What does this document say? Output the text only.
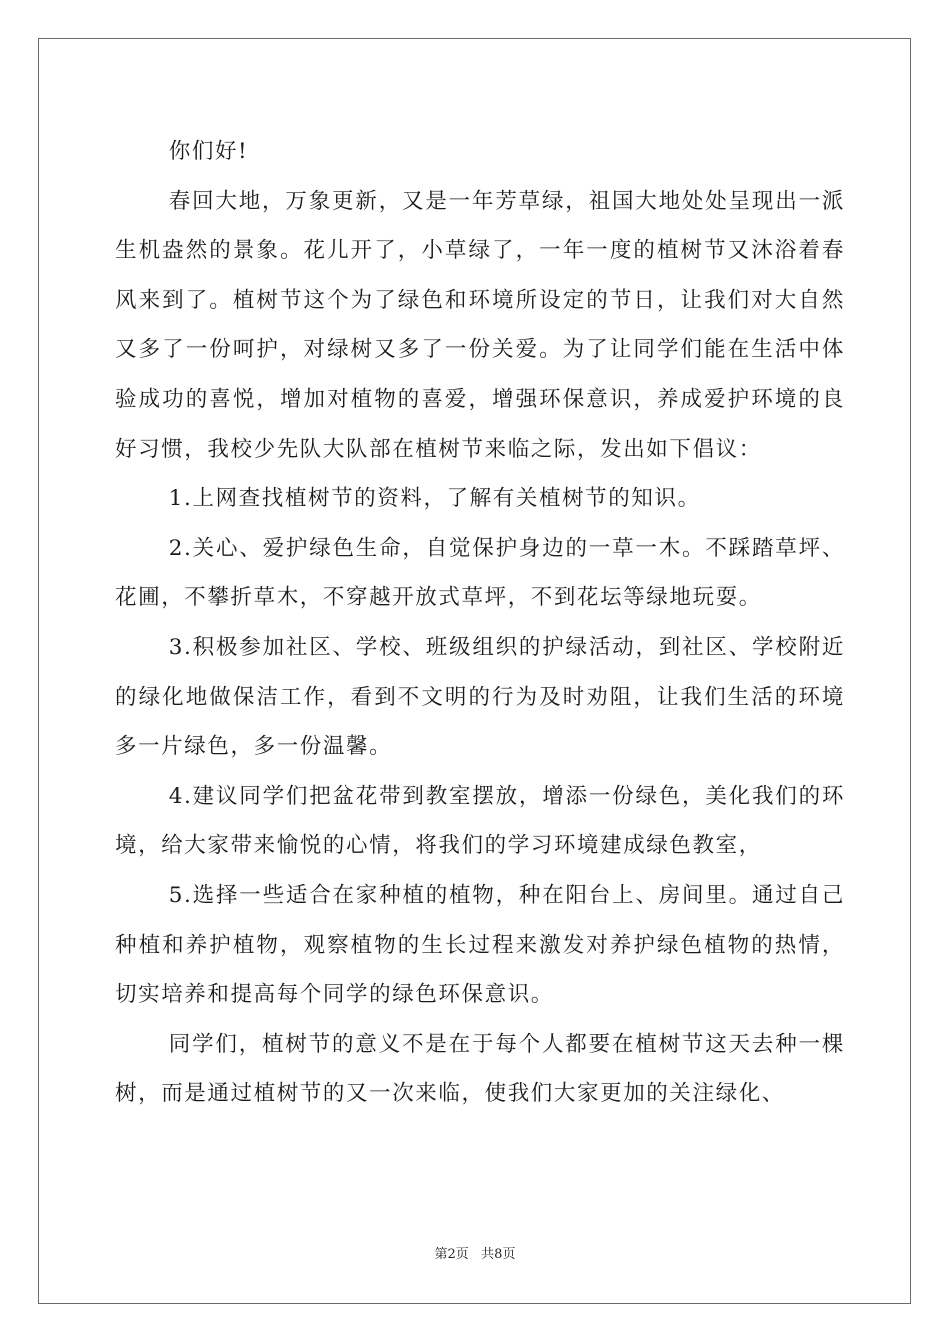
你们好!

春回大地，万象更新，又是一年芳草绿，祖国大地处处呈现出一派生机盎然的景象。花儿开了，小草绿了，一年一度的植树节又沐浴着春风来到了。植树节这个为了绿色和环境所设定的节日，让我们对大自然又多了一份呵护，对绿树又多了一份关爱。为了让同学们能在生活中体验成功的喜悦，增加对植物的喜爱，增强环保意识，养成爱护环境的良好习惯，我校少先队大队部在植树节来临之际，发出如下倡议：

1.上网查找植树节的资料，了解有关植树节的知识。

2.关心、爱护绿色生命，自觉保护身边的一草一木。不踩踏草坪、花圃，不攀折草木，不穿越开放式草坪，不到花坛等绿地玩耍。

3.积极参加社区、学校、班级组织的护绿活动，到社区、学校附近的绿化地做保洁工作，看到不文明的行为及时劝阻，让我们生活的环境多一片绿色，多一份温馨。

4.建议同学们把盆花带到教室摆放，增添一份绿色，美化我们的环境，给大家带来愉悦的心情，将我们的学习环境建成绿色教室，

5.选择一些适合在家种植的植物，种在阳台上、房间里。通过自己种植和养护植物，观察植物的生长过程来激发对养护绿色植物的热情，切实培养和提高每个同学的绿色环保意识。

同学们，植树节的意义不是在于每个人都要在植树节这天去种一棵树，而是通过植树节的又一次来临，使我们大家更加的关注绿化、

第2页   共8页
